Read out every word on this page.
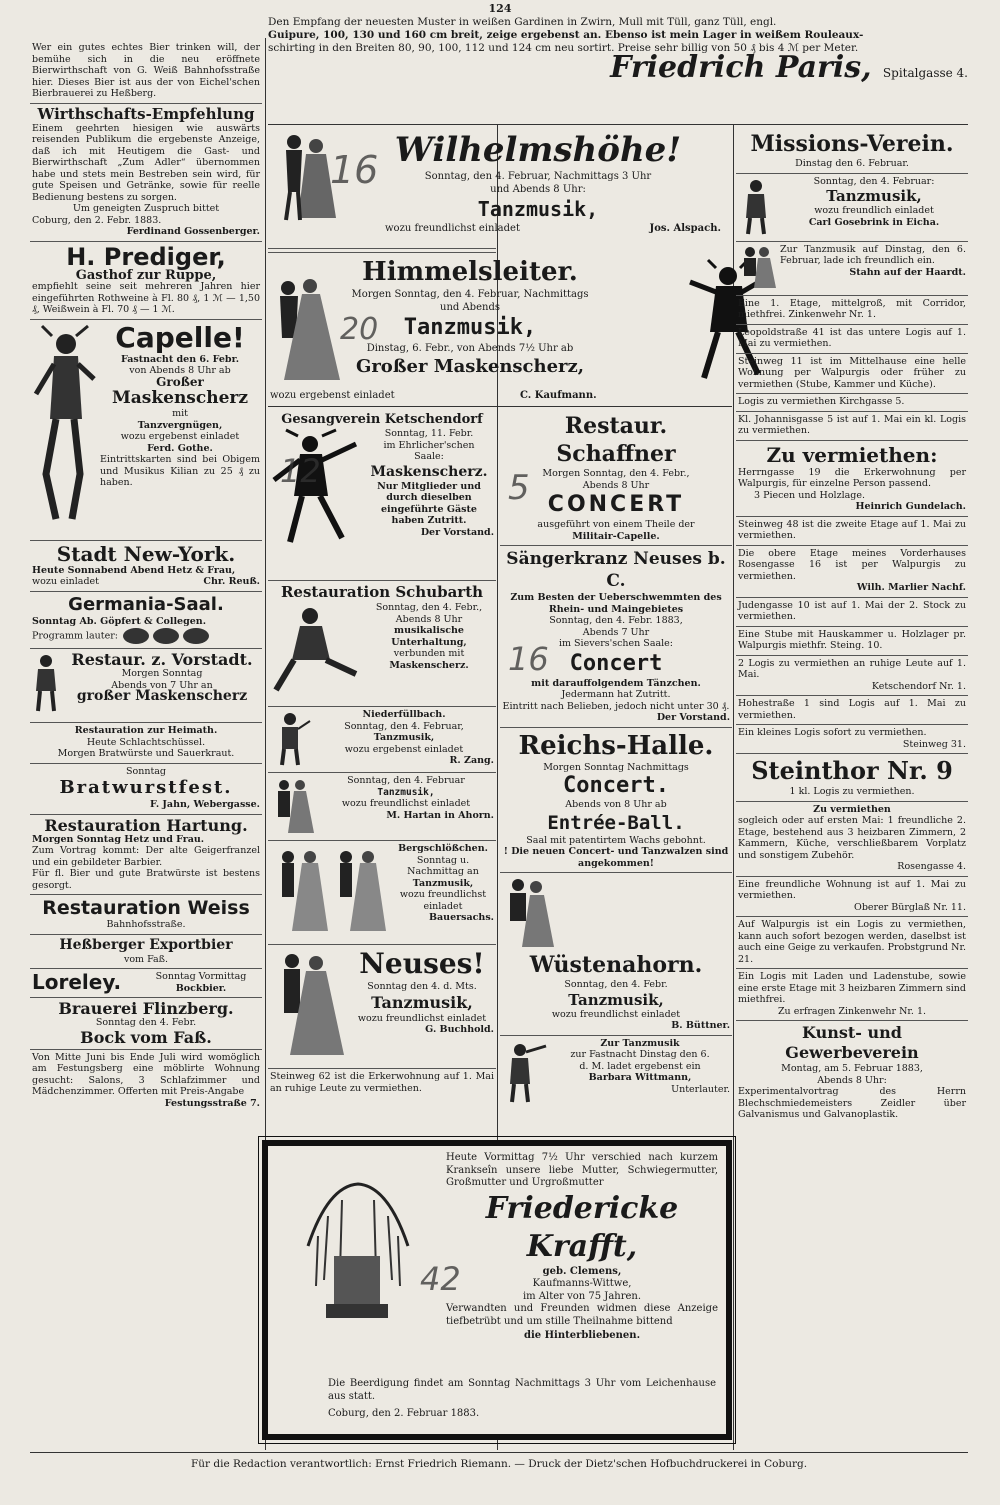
124
Den Empfang der neuesten Muster in weißen Gardinen in Zwirn, Mull mit Tüll, ganz Tüll, engl.
Guipure, 100, 130 und 160 cm breit, zeige ergebenst an. Ebenso ist mein Lager in weißem Rouleaux-
schirting in den Breiten 80, 90, 100, 112 und 124 cm neu sortirt. Preise sehr billig von 50 ₰ bis 4 ℳ per Meter.
Friedrich Paris, Spitalgasse 4.

Wer ein gutes echtes Bier trinken will, der bemühe sich in die neu eröffnete Bierwirthschaft von G. Weiß Bahnhofsstraße hier. Dieses Bier ist aus der von Eichel'schen Bierbrauerei zu Heßberg.

Wirthschafts-Empfehlung

Einem geehrten hiesigen wie auswärts reisenden Publikum die ergebenste Anzeige, daß ich mit Heutigem die Gast- und Bierwirthschaft „Zum Adler“ übernommen habe und stets mein Bestreben sein wird, für gute Speisen und Getränke, sowie für reelle Bedienung bestens zu sorgen.

Um geneigten Zuspruch bittet

Coburg, den 2. Febr. 1883.

Ferdinand Gossenberger.

H. Prediger,
Gasthof zur Ruppe,

empfiehlt seine seit mehreren Jahren hier eingeführten Rothweine à Fl. 80 ₰, 1 ℳ — 1,50 ₰, Weißwein à Fl. 70 ₰ — 1 ℳ.

Capelle!

Fastnacht den 6. Febr.

von Abends 8 Uhr ab

Großer

Maskenscherz

mit

Tanzvergnügen,

wozu ergebenst einladet

Ferd. Gothe.

Eintrittskarten sind bei Obigem und Musikus Kilian zu 25 ₰ zu haben.

Stadt New-York.

Heute Sonnabend Abend Hetz & Frau,

wozu einladet	Chr. Reuß.

Germania-Saal.

Sonntag Ab. Göpfert & Collegen.

Programm lauter:

Restaur. z. Vorstadt.

Morgen Sonntag

Abends von 7 Uhr an

großer Maskenscherz

Restauration zur Heimath.

Heute Schlachtschüssel.

Morgen Bratwürste und Sauerkraut.

Sonntag

Bratwurstfest.

F. Jahn, Webergasse.

Restauration Hartung.

Morgen Sonntag Hetz und Frau.

Zum Vortrag kommt: Der alte Geigerfranzel und ein gebildeter Barbier.

Für fl. Bier und gute Bratwürste ist bestens gesorgt.

Restauration Weiss

Bahnhofsstraße.

Heßberger Exportbier

vom Faß.

Loreley.	Sonntag Vormittag

Bockbier.

Brauerei Flinzberg.

Sonntag den 4. Febr.

Bock vom Faß.

Von Mitte Juni bis Ende Juli wird womöglich am Festungsberg eine möblirte Wohnung gesucht: Salons, 3 Schlafzimmer und Mädchenzimmer. Offerten mit Preis-Angabe

Festungsstraße 7.

Wilhelmshöhe!
Sonntag, den 4. Februar, Nachmittags 3 Uhr
und Abends 8 Uhr:
Tanzmusik,
wozu freundlichst einladet	Jos. Alspach.
Himmelsleiter.
Morgen Sonntag, den 4. Februar, Nachmittags
und Abends
Tanzmusik,
Dinstag, 6. Febr., von Abends 7½ Uhr ab
Großer Maskenscherz,
wozu ergebenst einladet	C. Kaufmann.
Gesangverein Ketschendorf

Sonntag, 11. Febr.

im Ehrlicher'schen

Saale:

Maskenscherz.

Nur Mitglieder und durch dieselben eingeführte Gäste haben Zutritt.

Der Vorstand.

Restauration Schubarth

Sonntag, den 4. Febr., Abends 8 Uhr

musikalische Unterhaltung,

verbunden mit

Maskenscherz.

Niederfüllbach.

Sonntag, den 4. Februar,

Tanzmusik,

wozu ergebenst einladet

R. Zang.

Sonntag, den 4. Februar

Tanzmusik,

wozu freundlichst einladet

M. Hartan in Ahorn.

Bergschlößchen.

Sonntag u. Nachmittag an

Tanzmusik,

wozu freundlichst einladet

Bauersachs.

Neuses!

Sonntag den 4. d. Mts.

Tanzmusik,

wozu freundlichst einladet

G. Buchhold.

Steinweg 62 ist die Erkerwohnung auf 1. Mai an ruhige Leute zu vermiethen.

Restaur. Schaffner

Morgen Sonntag, den 4. Febr.,

Abends 8 Uhr

CONCERT

ausgeführt von einem Theile der

Militair-Capelle.

Sängerkranz Neuses b. C.

Zum Besten der Ueberschwemmten des Rhein- und Maingebietes

Sonntag, den 4. Febr. 1883,

Abends 7 Uhr

im Sievers'schen Saale:

Concert

mit darauffolgendem Tänzchen.

Jedermann hat Zutritt.

Eintritt nach Belieben, jedoch nicht unter 30 ₰.

Der Vorstand.

Reichs-Halle.

Morgen Sonntag Nachmittags

Concert.

Abends von 8 Uhr ab

Entrée-Ball.

Saal mit patentirtem Wachs gebohnt.

! Die neuen Concert- und Tanzwalzen sind angekommen!

Wüstenahorn.

Sonntag, den 4. Febr.

Tanzmusik,

wozu freundlichst einladet

B. Büttner.

Zur Tanzmusik

zur Fastnacht Dinstag den 6.

d. M. ladet ergebenst ein

Barbara Wittmann,

Unterlauter.

Heute Vormittag 7½ Uhr verschied nach kurzem Krankseîn unsere liebe Mutter, Schwiegermutter, Großmutter und Urgroßmutter

Friedericke Krafft,

geb. Clemens,

Kaufmanns-Wittwe,

im Alter von 75 Jahren.

Verwandten und Freunden widmen diese Anzeige tiefbetrübt und um stille Theilnahme bittend

die Hinterbliebenen.

Die Beerdigung findet am Sonntag Nachmittags 3 Uhr vom Leichenhause aus statt.

Coburg, den 2. Februar 1883.

Missions-Verein.

Dinstag den 6. Februar.

Sonntag, den 4. Februar:

Tanzmusik,

wozu freundlich einladet

Carl Gosebrink in Eicha.

Zur Tanzmusik auf Dinstag, den 6. Februar, lade ich freundlich ein.

Stahn auf der Haardt.

Eine 1. Etage, mittelgroß, mit Corridor, miethfrei. Zinkenwehr Nr. 1.

Leopoldstraße 41 ist das untere Logis auf 1. Mai zu vermiethen.

Steinweg 11 ist im Mittelhause eine helle Wohnung per Walpurgis oder früher zu vermiethen (Stube, Kammer und Küche).

Logis zu vermiethen Kirchgasse 5.

Kl. Johannisgasse 5 ist auf 1. Mai ein kl. Logis zu vermiethen.

Zu vermiethen:

Herrngasse 19 die Erkerwohnung per Walpurgis, für einzelne Person passend.

3 Piecen und Holzlage.

Heinrich Gundelach.

Steinweg 48 ist die zweite Etage auf 1. Mai zu vermiethen.

Die obere Etage meines Vorderhauses Rosengasse 16 ist per Walpurgis zu vermiethen.

Wilh. Marlier Nachf.

Judengasse 10 ist auf 1. Mai der 2. Stock zu vermiethen.

Eine Stube mit Hauskammer u. Holzlager pr. Walpurgis miethfr. Steing. 10.

2 Logis zu vermiethen an ruhige Leute auf 1. Mai.

Ketschendorf Nr. 1.

Hohestraße 1 sind Logis auf 1. Mai zu vermiethen.

Ein kleines Logis sofort zu vermiethen.

Steinweg 31.

Steinthor Nr. 9

1 kl. Logis zu vermiethen.

Zu vermiethen

sogleich oder auf ersten Mai: 1 freundliche 2. Etage, bestehend aus 3 heizbaren Zimmern, 2 Kammern, Küche, verschließbarem Vorplatz und sonstigem Zubehör.

Rosengasse 4.

Eine freundliche Wohnung ist auf 1. Mai zu vermiethen.

Oberer Bürglaß Nr. 11.

Auf Walpurgis ist ein Logis zu vermiethen, kann auch sofort bezogen werden, daselbst ist auch eine Geige zu verkaufen. Probstgrund Nr. 21.

Ein Logis mit Laden und Ladenstube, sowie eine erste Etage mit 3 heizbaren Zimmern sind miethfrei.

Zu erfragen Zinkenwehr Nr. 1.

Kunst- und Gewerbeverein

Montag, am 5. Februar 1883,

Abends 8 Uhr:

Experimentalvortrag des Herrn Blechschmiedemeisters Zeidler über Galvanismus und Galvanoplastik.

Für die Redaction verantwortlich: Ernst Friedrich Riemann. — Druck der Dietz'schen Hofbuchdruckerei in Coburg.
16
20
12	5
16
42
